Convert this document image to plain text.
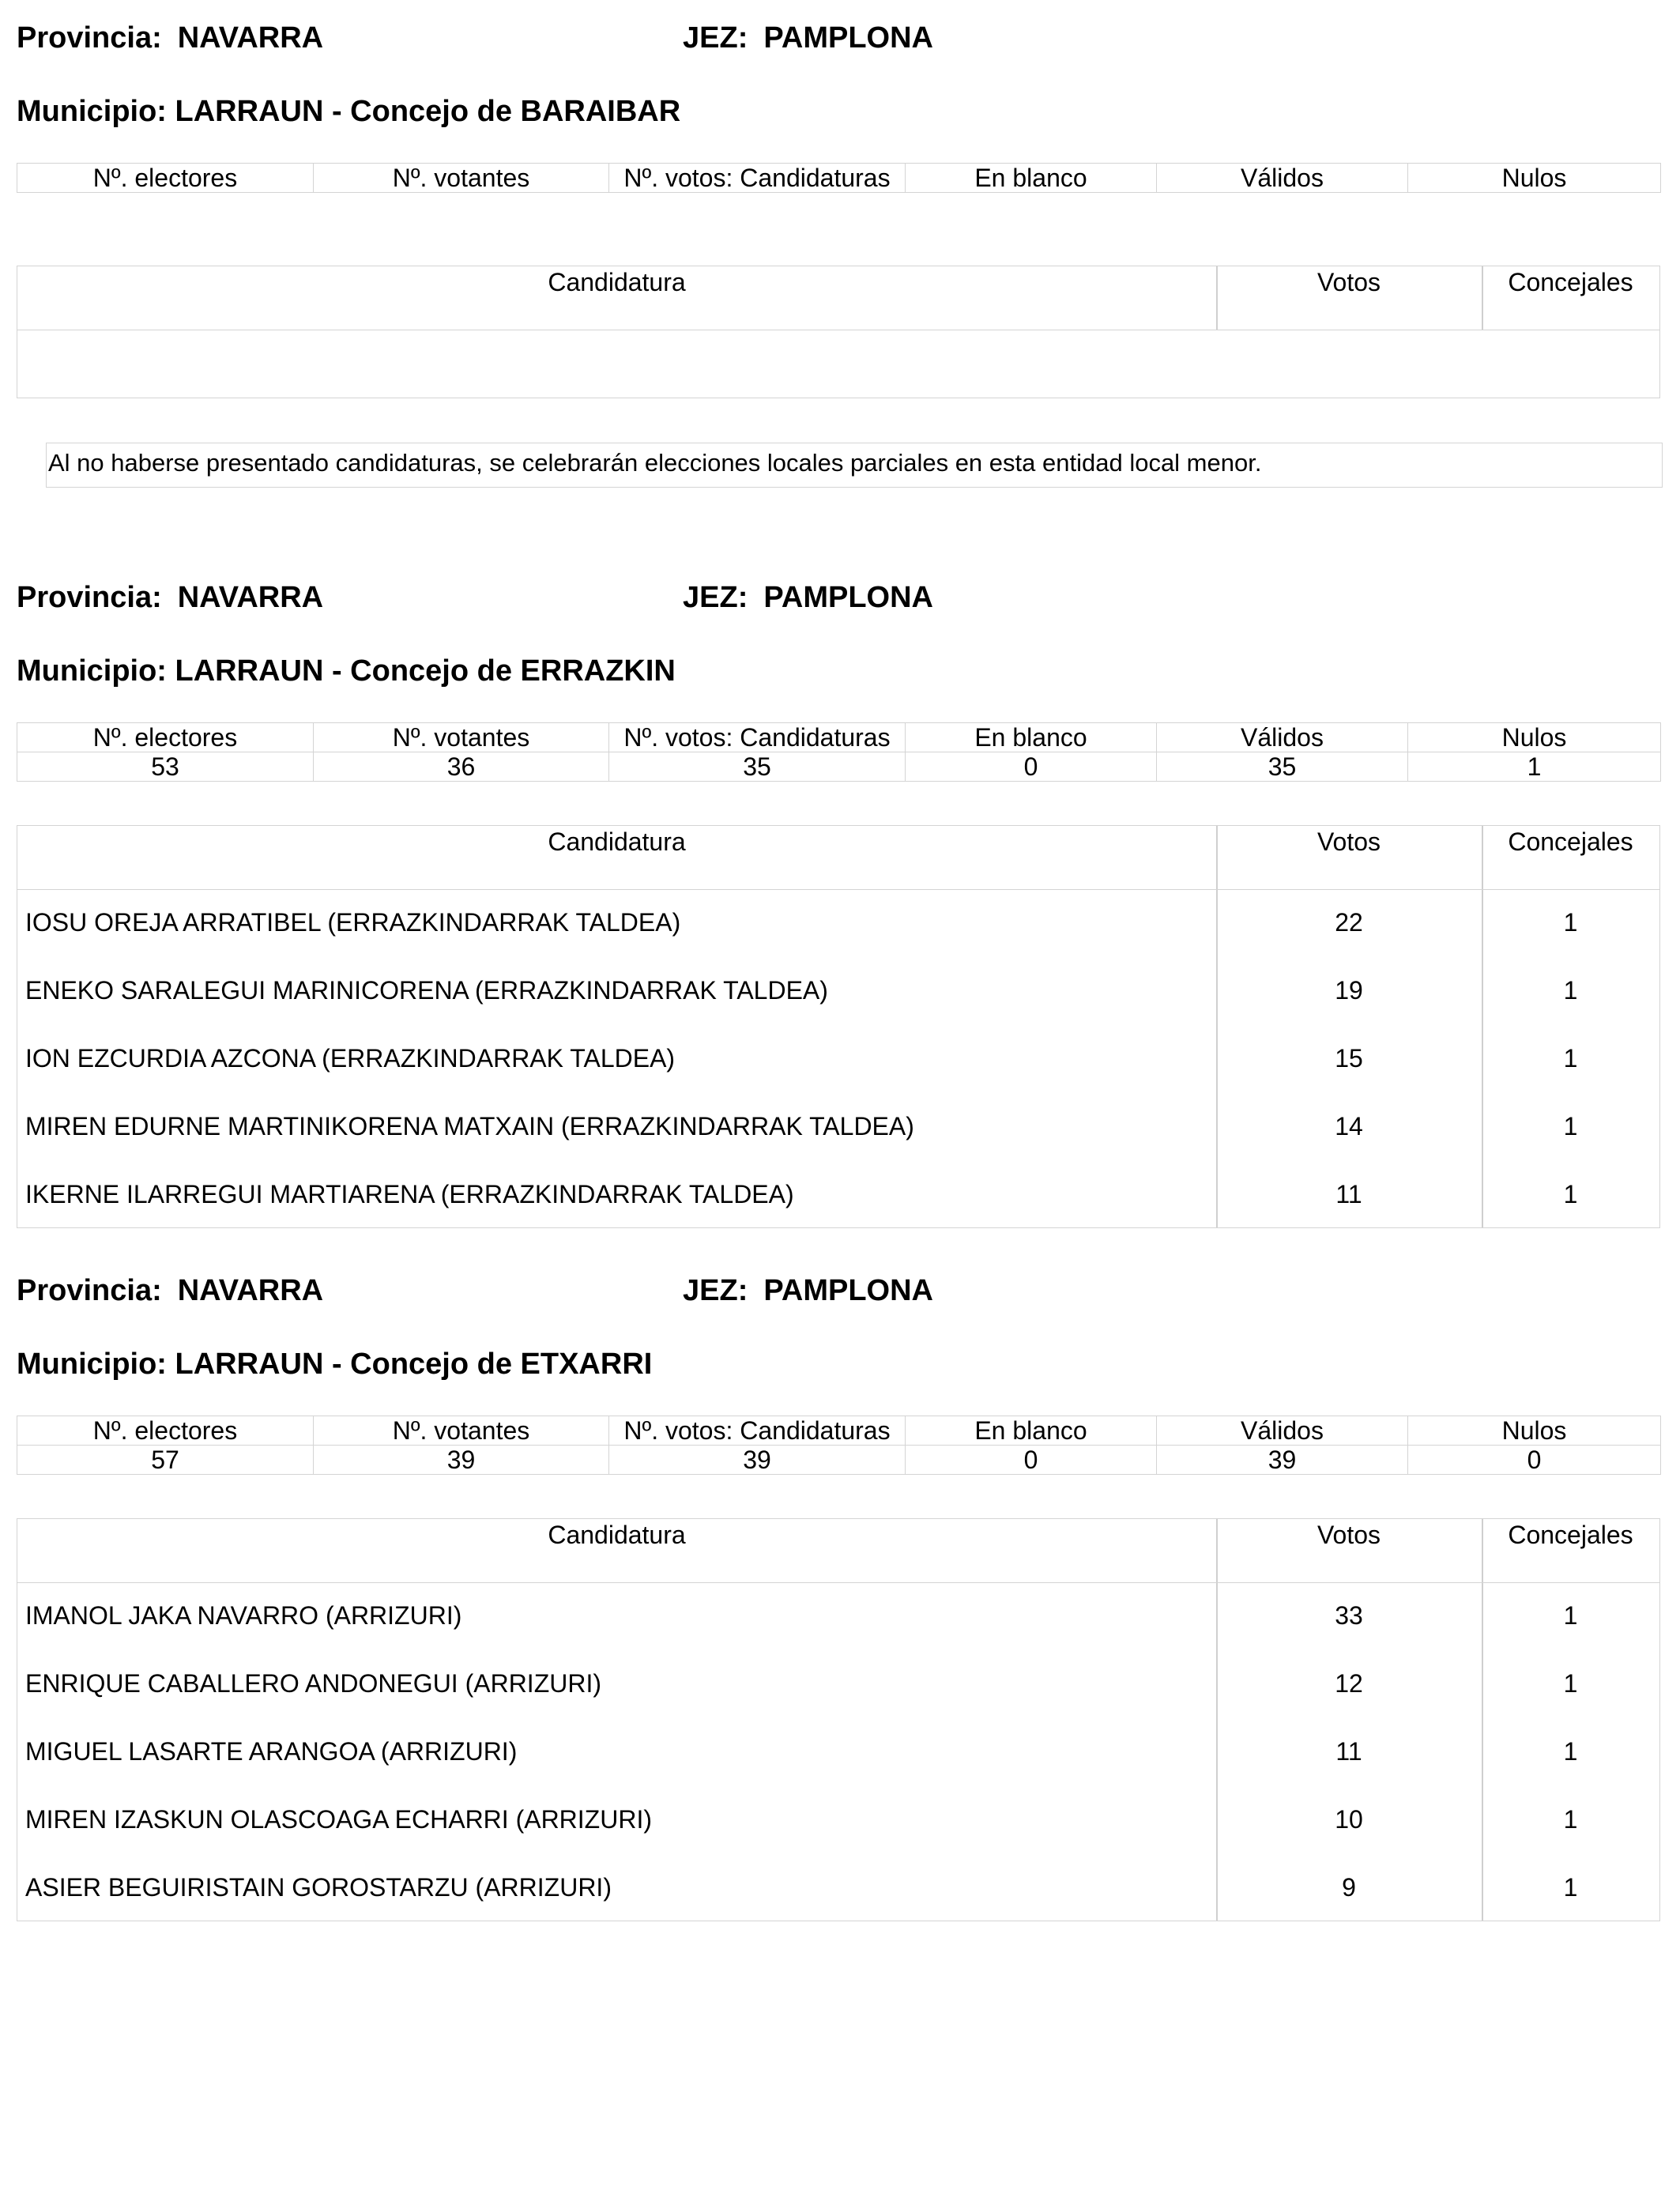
Provincia: NAVARRA	JEZ: PAMPLONA
Municipio: LARRAUN - Concejo de BARAIBAR
Nº. electores	Nº. votantes	Nº. votos: Candidaturas	En blanco	Válidos	Nulos
Candidatura	Votos	Concejales
Al no haberse presentado candidaturas, se celebrarán elecciones locales parciales en esta entidad local menor.
Provincia: NAVARRA	JEZ: PAMPLONA
Municipio: LARRAUN - Concejo de ERRAZKIN
Nº. electores	Nº. votantes	Nº. votos: Candidaturas	En blanco	Válidos	Nulos
53	36	35	0	35	1
Candidatura	Votos	Concejales
IOSU OREJA ARRATIBEL (ERRAZKINDARRAK TALDEA)	22	1
ENEKO SARALEGUI MARINICORENA (ERRAZKINDARRAK TALDEA)	19	1
ION EZCURDIA AZCONA (ERRAZKINDARRAK TALDEA)	15	1
MIREN EDURNE MARTINIKORENA MATXAIN (ERRAZKINDARRAK TALDEA)	14	1
IKERNE ILARREGUI MARTIARENA (ERRAZKINDARRAK TALDEA)	11	1
Provincia: NAVARRA	JEZ: PAMPLONA
Municipio: LARRAUN - Concejo de ETXARRI
Nº. electores	Nº. votantes	Nº. votos: Candidaturas	En blanco	Válidos	Nulos
57	39	39	0	39	0
Candidatura	Votos	Concejales
IMANOL JAKA NAVARRO (ARRIZURI)	33	1
ENRIQUE CABALLERO ANDONEGUI (ARRIZURI)	12	1
MIGUEL LASARTE ARANGOA (ARRIZURI)	11	1
MIREN IZASKUN OLASCOAGA ECHARRI (ARRIZURI)	10	1
ASIER BEGUIRISTAIN GOROSTARZU (ARRIZURI)	9	1
